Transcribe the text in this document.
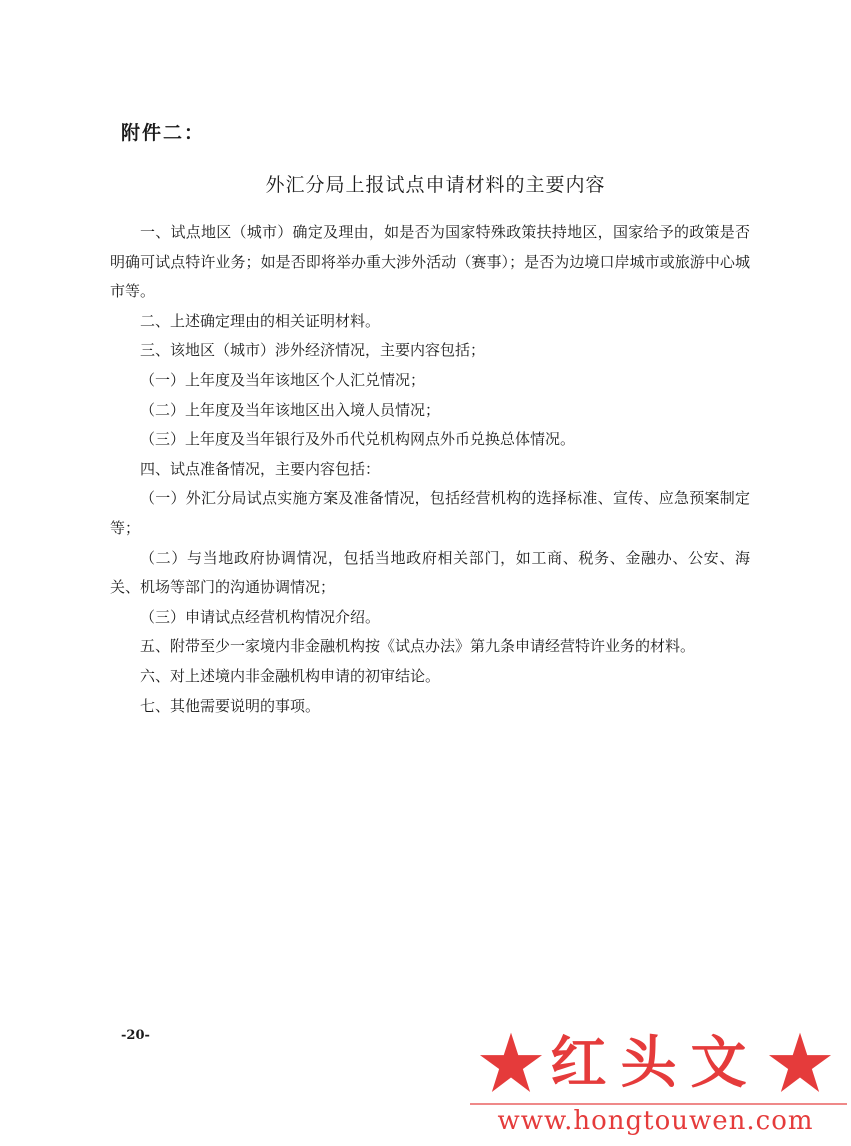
附件二：
外汇分局上报试点申请材料的主要内容

一、试点地区（城市）确定及理由，如是否为国家特殊政策扶持地区，国家给予的政策是否明确可试点特许业务；如是否即将举办重大涉外活动（赛事）；是否为边境口岸城市或旅游中心城市等。

二、上述确定理由的相关证明材料。

三、该地区（城市）涉外经济情况，主要内容包括；

（一）上年度及当年该地区个人汇兑情况；

（二）上年度及当年该地区出入境人员情况；

（三）上年度及当年银行及外币代兑机构网点外币兑换总体情况。

四、试点准备情况，主要内容包括：

（一）外汇分局试点实施方案及准备情况，包括经营机构的选择标准、宣传、应急预案制定等；

（二）与当地政府协调情况，包括当地政府相关部门，如工商、税务、金融办、公安、海关、机场等部门的沟通协调情况；

（三）申请试点经营机构情况介绍。

五、附带至少一家境内非金融机构按《试点办法》第九条申请经营特许业务的材料。

六、对上述境内非金融机构申请的初审结论。

七、其他需要说明的事项。

-20-	红头文
www.hongtouwen.com
